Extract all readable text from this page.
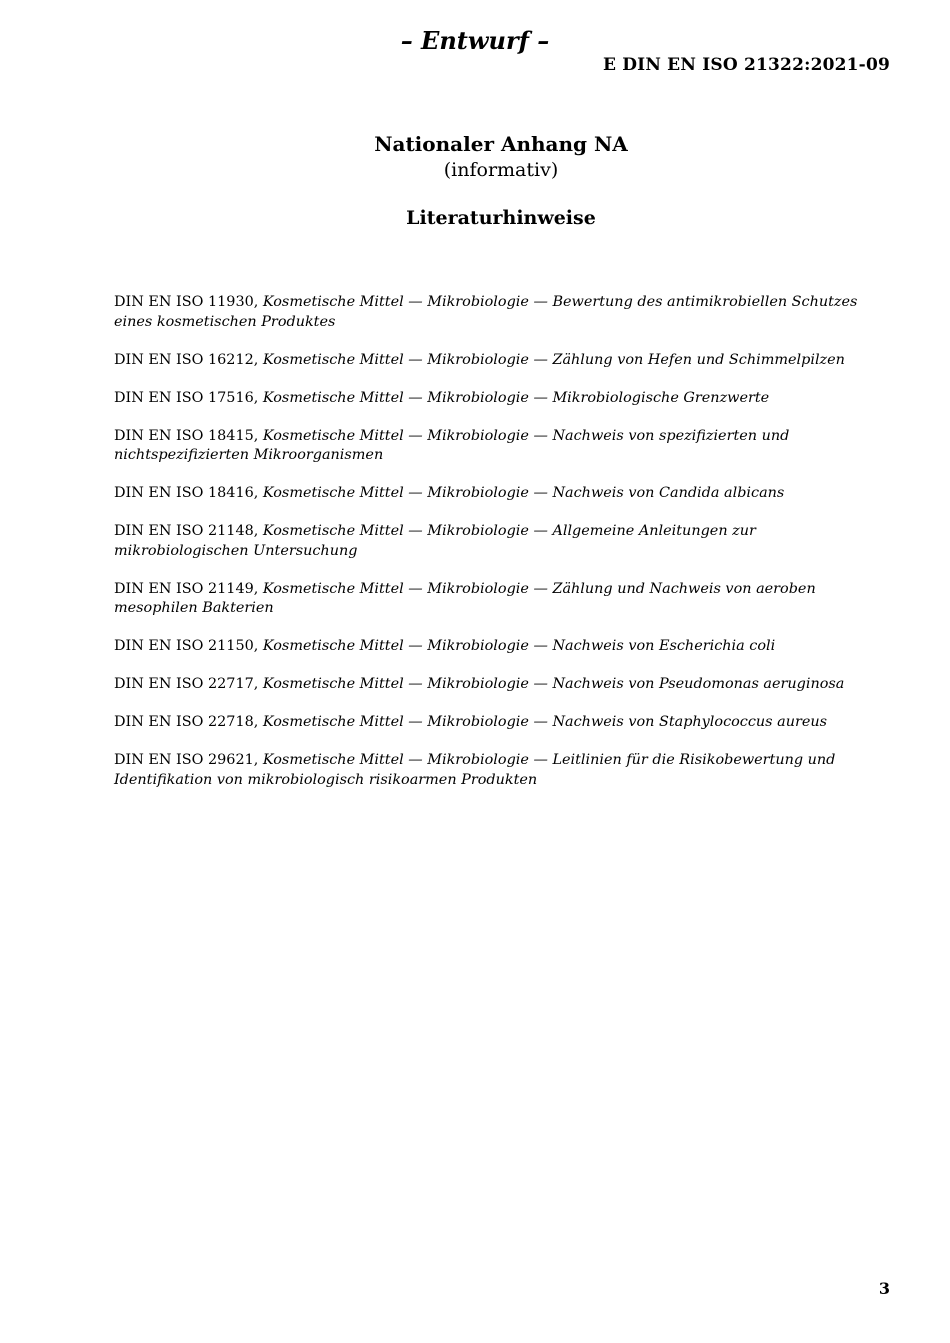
– Entwurf –
E DIN EN ISO 21322:2021-09
Nationaler Anhang NA
(informativ)
Literaturhinweise
DIN EN ISO 11930, Kosmetische Mittel — Mikrobiologie — Bewertung des antimikrobiellen Schutzes eines kosmetischen Produktes
DIN EN ISO 16212, Kosmetische Mittel — Mikrobiologie — Zählung von Hefen und Schimmelpilzen
DIN EN ISO 17516, Kosmetische Mittel — Mikrobiologie — Mikrobiologische Grenzwerte
DIN EN ISO 18415, Kosmetische Mittel — Mikrobiologie — Nachweis von spezifizierten und nichtspezifizierten Mikroorganismen
DIN EN ISO 18416, Kosmetische Mittel — Mikrobiologie — Nachweis von Candida albicans
DIN EN ISO 21148, Kosmetische Mittel — Mikrobiologie — Allgemeine Anleitungen zur mikrobiologischen Untersuchung
DIN EN ISO 21149, Kosmetische Mittel — Mikrobiologie — Zählung und Nachweis von aeroben mesophilen Bakterien
DIN EN ISO 21150, Kosmetische Mittel — Mikrobiologie — Nachweis von Escherichia coli
DIN EN ISO 22717, Kosmetische Mittel — Mikrobiologie — Nachweis von Pseudomonas aeruginosa
DIN EN ISO 22718, Kosmetische Mittel — Mikrobiologie — Nachweis von Staphylococcus aureus
DIN EN ISO 29621, Kosmetische Mittel — Mikrobiologie — Leitlinien für die Risikobewertung und Identifikation von mikrobiologisch risikoarmen Produkten
3
